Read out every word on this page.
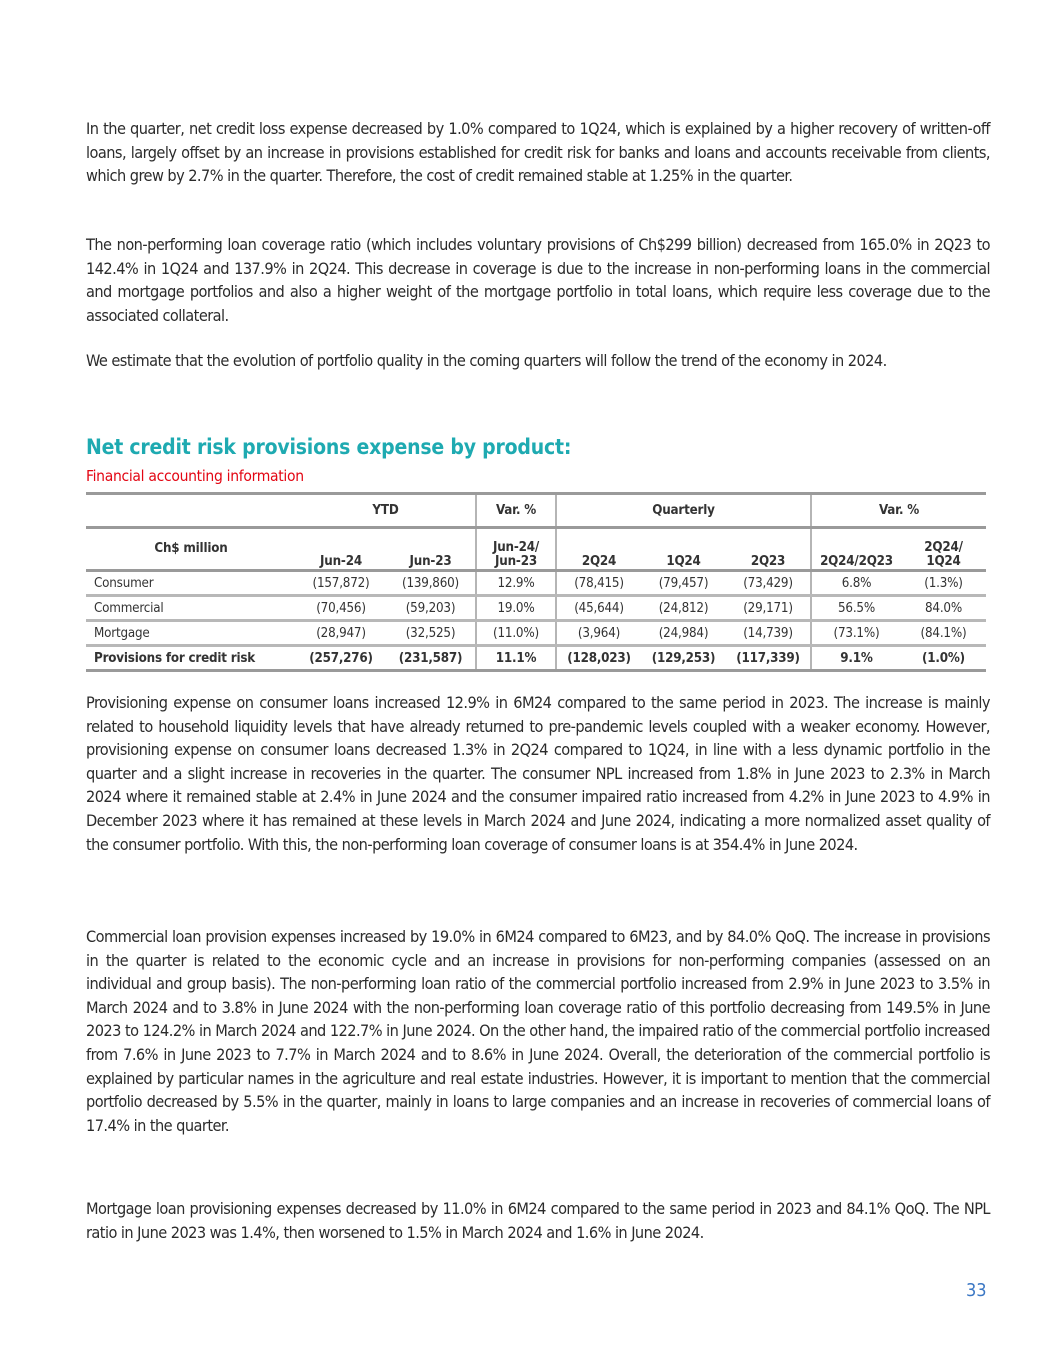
In the quarter, net credit loss expense decreased by 1.0% compared to 1Q24, which is explained by a higher recovery of written-off loans, largely offset by an increase in provisions established for credit risk for banks and loans and accounts receivable from clients, which grew by 2.7% in the quarter. Therefore, the cost of credit remained stable at 1.25% in the quarter.

The non-performing loan coverage ratio (which includes voluntary provisions of Ch$299 billion) decreased from 165.0% in 2Q23 to 142.4% in 1Q24 and 137.9% in 2Q24. This decrease in coverage is due to the increase in non-performing loans in the commercial and mortgage portfolios and also a higher weight of the mortgage portfolio in total loans, which require less coverage due to the associated collateral.

We estimate that the evolution of portfolio quality in the coming quarters will follow the trend of the economy in 2024.

Net credit risk provisions expense by product:
Financial accounting information
	YTD		Var. %	Quarterly			Var. %	
Ch$ million	Jun-24	Jun-23	Jun-24/
Jun-23	2Q24	1Q24	2Q23	2Q24/2Q23	2Q24/
1Q24
Consumer	(157,872)	(139,860)	12.9%	(78,415)	(79,457)	(73,429)	6.8%	(1.3%)
Commercial	(70,456)	(59,203)	19.0%	(45,644)	(24,812)	(29,171)	56.5%	84.0%
Mortgage	(28,947)	(32,525)	(11.0%)	(3,964)	(24,984)	(14,739)	(73.1%)	(84.1%)
Provisions for credit risk	(257,276)	(231,587)	11.1%	(128,023)	(129,253)	(117,339)	9.1%	(1.0%)

Provisioning expense on consumer loans increased 12.9% in 6M24 compared to the same period in 2023. The increase is mainly related to household liquidity levels that have already returned to pre-pandemic levels coupled with a weaker economy. However, provisioning expense on consumer loans decreased 1.3% in 2Q24 compared to 1Q24, in line with a less dynamic portfolio in the quarter and a slight increase in recoveries in the quarter. The consumer NPL increased from 1.8% in June 2023 to 2.3% in March 2024 where it remained stable at 2.4% in June 2024 and the consumer impaired ratio increased from 4.2% in June 2023 to 4.9% in December 2023 where it has remained at these levels in March 2024 and June 2024, indicating a more normalized asset quality of the consumer portfolio. With this, the non-performing loan coverage of consumer loans is at 354.4% in June 2024.

Commercial loan provision expenses increased by 19.0% in 6M24 compared to 6M23, and by 84.0% QoQ. The increase in provisions in the quarter is related to the economic cycle and an increase in provisions for non-performing companies (assessed on an individual and group basis). The non-performing loan ratio of the commercial portfolio increased from 2.9% in June 2023 to 3.5% in March 2024 and to 3.8% in June 2024 with the non-performing loan coverage ratio of this portfolio decreasing from 149.5% in June 2023 to 124.2% in March 2024 and 122.7% in June 2024. On the other hand, the impaired ratio of the commercial portfolio increased from 7.6% in June 2023 to 7.7% in March 2024 and to 8.6% in June 2024. Overall, the deterioration of the commercial portfolio is explained by particular names in the agriculture and real estate industries. However, it is important to mention that the commercial portfolio decreased by 5.5% in the quarter, mainly in loans to large companies and an increase in recoveries of commercial loans of 17.4% in the quarter.

Mortgage loan provisioning expenses decreased by 11.0% in 6M24 compared to the same period in 2023 and 84.1% QoQ. The NPL ratio in June 2023 was 1.4%, then worsened to 1.5% in March 2024 and 1.6% in June 2024.

33
